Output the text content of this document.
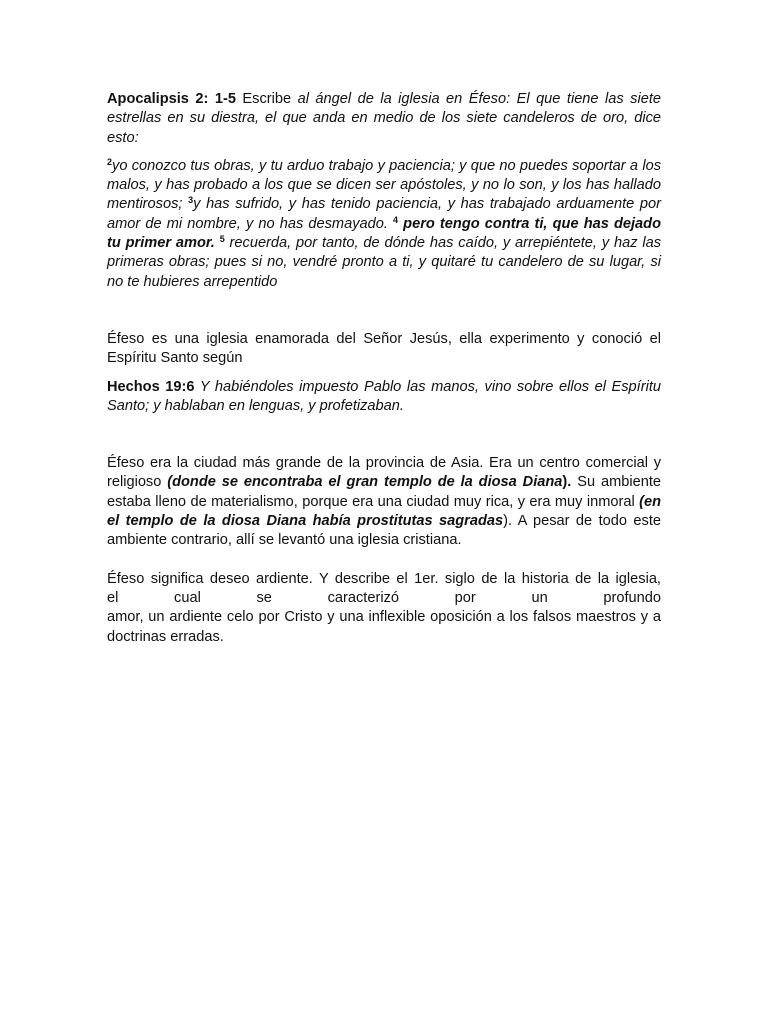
Apocalipsis 2: 1-5 Escribe al ángel de la iglesia en Éfeso: El que tiene las siete estrellas en su diestra, el que anda en medio de los siete candeleros de oro, dice esto:

$^2$yo conozco tus obras, y tu arduo trabajo y paciencia; y que no puedes soportar a los malos, y has probado a los que se dicen ser apóstoles, y no lo son, y los has hallado mentirosos; $^3$y has sufrido, y has tenido paciencia, y has trabajado arduamente por amor de mi nombre, y no has desmayado. $^4$ pero tengo contra ti, que has dejado tu primer amor. $^5$ recuerda, por tanto, de dónde has caído, y arrepiéntete, y haz las primeras obras; pues si no, vendré pronto a ti, y quitaré tu candelero de su lugar, si no te hubieres arrepentido

Éfeso es una iglesia enamorada del Señor Jesús, ella experimento y conoció el Espíritu Santo según

Hechos 19:6 Y habiéndoles impuesto Pablo las manos, vino sobre ellos el Espíritu Santo; y hablaban en lenguas, y profetizaban.

Éfeso era la ciudad más grande de la provincia de Asia. Era un centro comercial y religioso (donde se encontraba el gran templo de la diosa Diana). Su ambiente estaba lleno de materialismo, porque era una ciudad muy rica, y era muy inmoral (en el templo de la diosa Diana había prostitutas sagradas). A pesar de todo este ambiente contrario, allí se levantó una iglesia cristiana.

Éfeso significa deseo ardiente. Y describe el 1er. siglo de la historia de la iglesia,
el cual se caracterizó por un profundo
amor, un ardiente celo por Cristo y una inflexible oposición a los falsos maestros y a doctrinas erradas.
